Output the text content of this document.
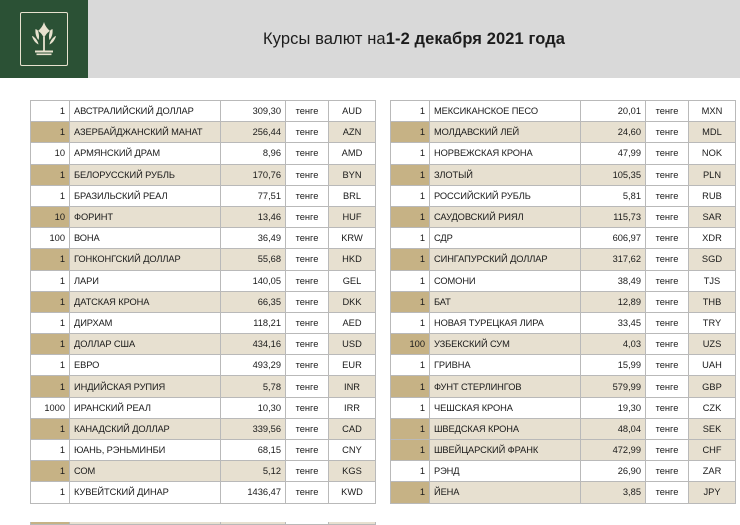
Курсы валют на 1-2 декабря 2021 года
1	АВСТРАЛИЙСКИЙ ДОЛЛАР	309,30	тенге	AUD
1	АЗЕРБАЙДЖАНСКИЙ МАНАТ	256,44	тенге	AZN
10	АРМЯНСКИЙ ДРАМ	8,96	тенге	AMD
1	БЕЛОРУССКИЙ РУБЛЬ	170,76	тенге	BYN
1	БРАЗИЛЬСКИЙ РЕАЛ	77,51	тенге	BRL
10	ФОРИНТ	13,46	тенге	HUF
100	ВОНА	36,49	тенге	KRW
1	ГОНКОНГСКИЙ ДОЛЛАР	55,68	тенге	HKD
1	ЛАРИ	140,05	тенге	GEL
1	ДАТСКАЯ КРОНА	66,35	тенге	DKK
1	ДИРХАМ	118,21	тенге	AED
1	ДОЛЛАР США	434,16	тенге	USD
1	ЕВРО	493,29	тенге	EUR
1	ИНДИЙСКАЯ РУПИЯ	5,78	тенге	INR
1000	ИРАНСКИЙ РЕАЛ	10,30	тенге	IRR
1	КАНАДСКИЙ ДОЛЛАР	339,56	тенге	CAD
1	ЮАНЬ, РЭНЬМИНБИ	68,15	тенге	CNY
1	СОМ	5,12	тенге	KGS
1	КУВЕЙТСКИЙ ДИНАР	1436,47	тенге	KWD

1	МЕКСИКАНСКОЕ ПЕСО	20,01	тенге	MXN
1	МОЛДАВСКИЙ ЛЕЙ	24,60	тенге	MDL
1	НОРВЕЖСКАЯ КРОНА	47,99	тенге	NOK
1	ЗЛОТЫЙ	105,35	тенге	PLN
1	РОССИЙСКИЙ РУБЛЬ	5,81	тенге	RUB
1	САУДОВСКИЙ РИЯЛ	115,73	тенге	SAR
1	СДР	606,97	тенге	XDR
1	СИНГАПУРСКИЙ ДОЛЛАР	317,62	тенге	SGD
1	СОМОНИ	38,49	тенге	TJS
1	БАТ	12,89	тенге	THB
1	НОВАЯ ТУРЕЦКАЯ ЛИРА	33,45	тенге	TRY
100	УЗБЕКСКИЙ СУМ	4,03	тенге	UZS
1	ГРИВНА	15,99	тенге	UAH
1	ФУНТ СТЕРЛИНГОВ	579,99	тенге	GBP
1	ЧЕШСКАЯ КРОНА	19,30	тенге	CZK
1	ШВЕДСКАЯ КРОНА	48,04	тенге	SEK
1	ШВЕЙЦАРСКИЙ ФРАНК	472,99	тенге	CHF
1	РЭНД	26,90	тенге	ZAR
1	ЙЕНА	3,85	тенге	JPY
